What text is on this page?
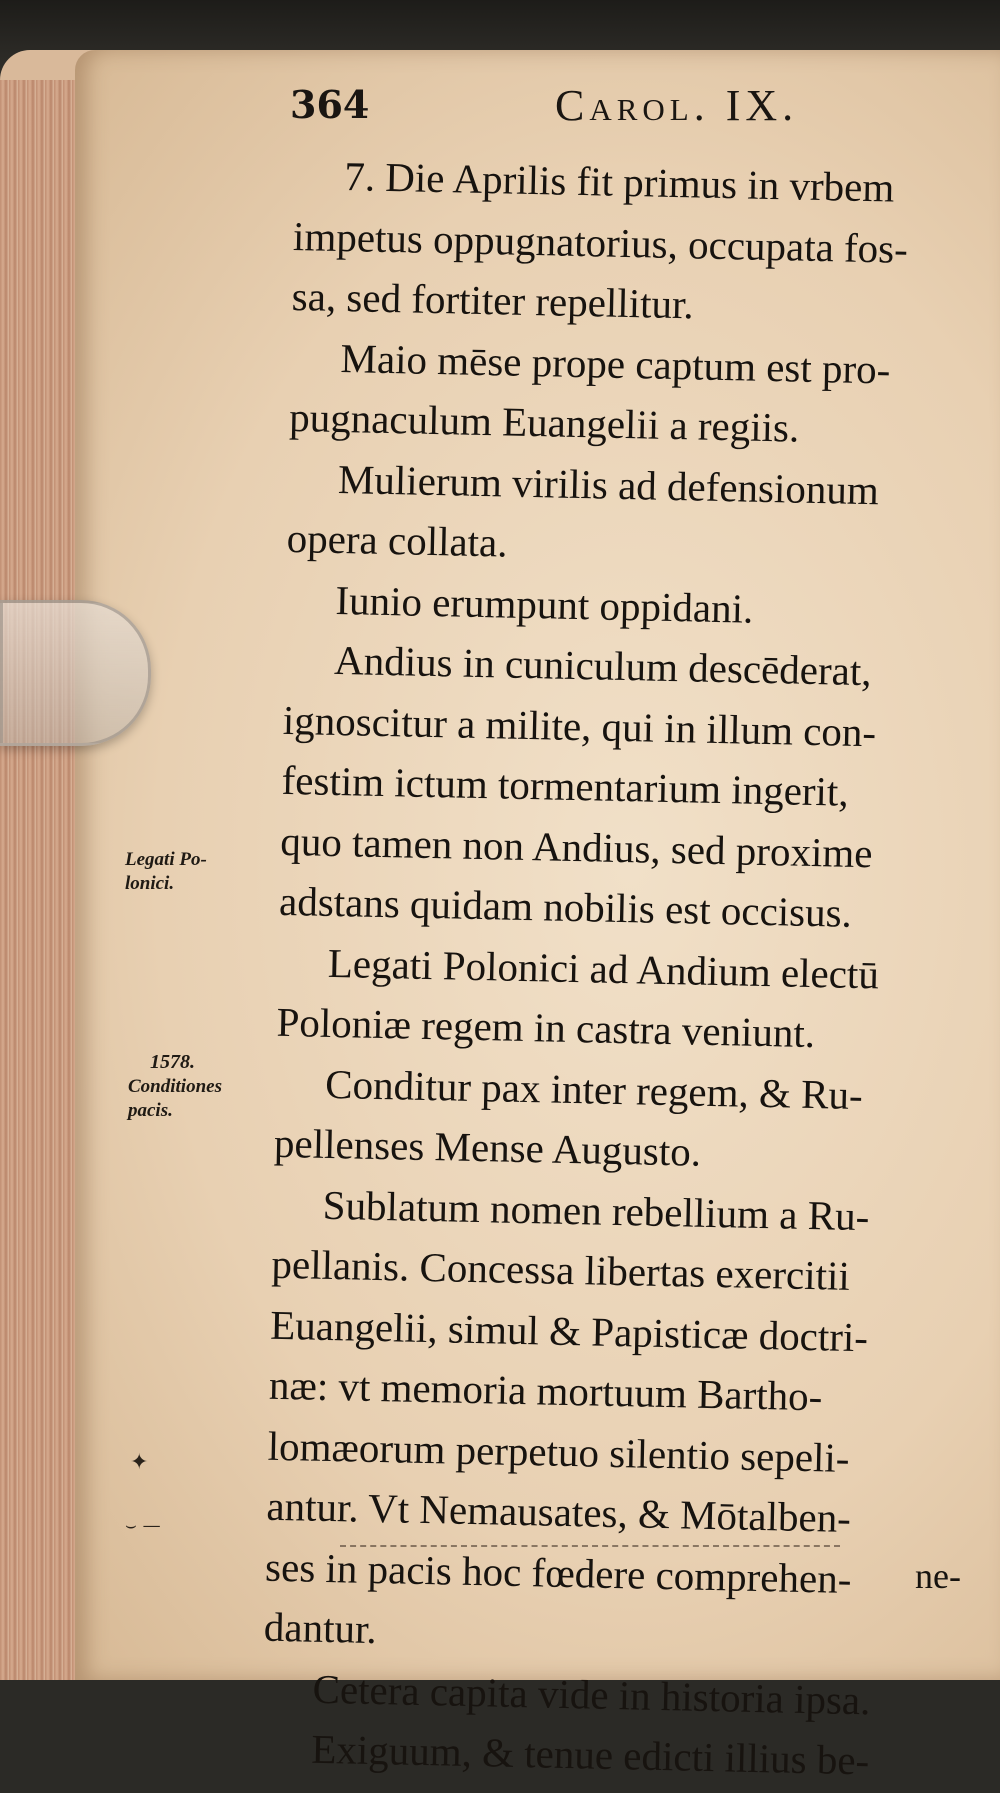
364	Carol. IX.
7. Die Aprilis fit primus in vrbem
impetus oppugnatorius, occupata fos-
sa, sed fortiter repellitur.
Maio mēse prope captum est pro-
pugnaculum Euangelii a regiis.
Mulierum virilis ad defensionum
opera collata.
Iunio erumpunt oppidani.
Andius in cuniculum descēderat,
ignoscitur a milite, qui in illum con-
festim ictum tormentarium ingerit,
quo tamen non Andius, sed proxime
adstans quidam nobilis est occisus.
Legati Polonici ad Andium electū
Poloniæ regem in castra veniunt.
Conditur pax inter regem, & Ru-
pellenses Mense Augusto.
Sublatum nomen rebellium a Ru-
pellanis. Concessa libertas exercitii
Euangelii, simul & Papisticæ doctri-
næ: vt memoria mortuum Bartho-
lomæorum perpetuo silentio sepeli-
antur. Vt Nemausates, & Mōtalben-
ses in pacis hoc fœdere comprehen-
dantur.
Cetera capita vide in historia ipsa.
Exiguum, & tenue edicti illius be-
Legati Po-
lonici.
1578.
Conditiones
pacis.
✦
⌣ —
ne-
